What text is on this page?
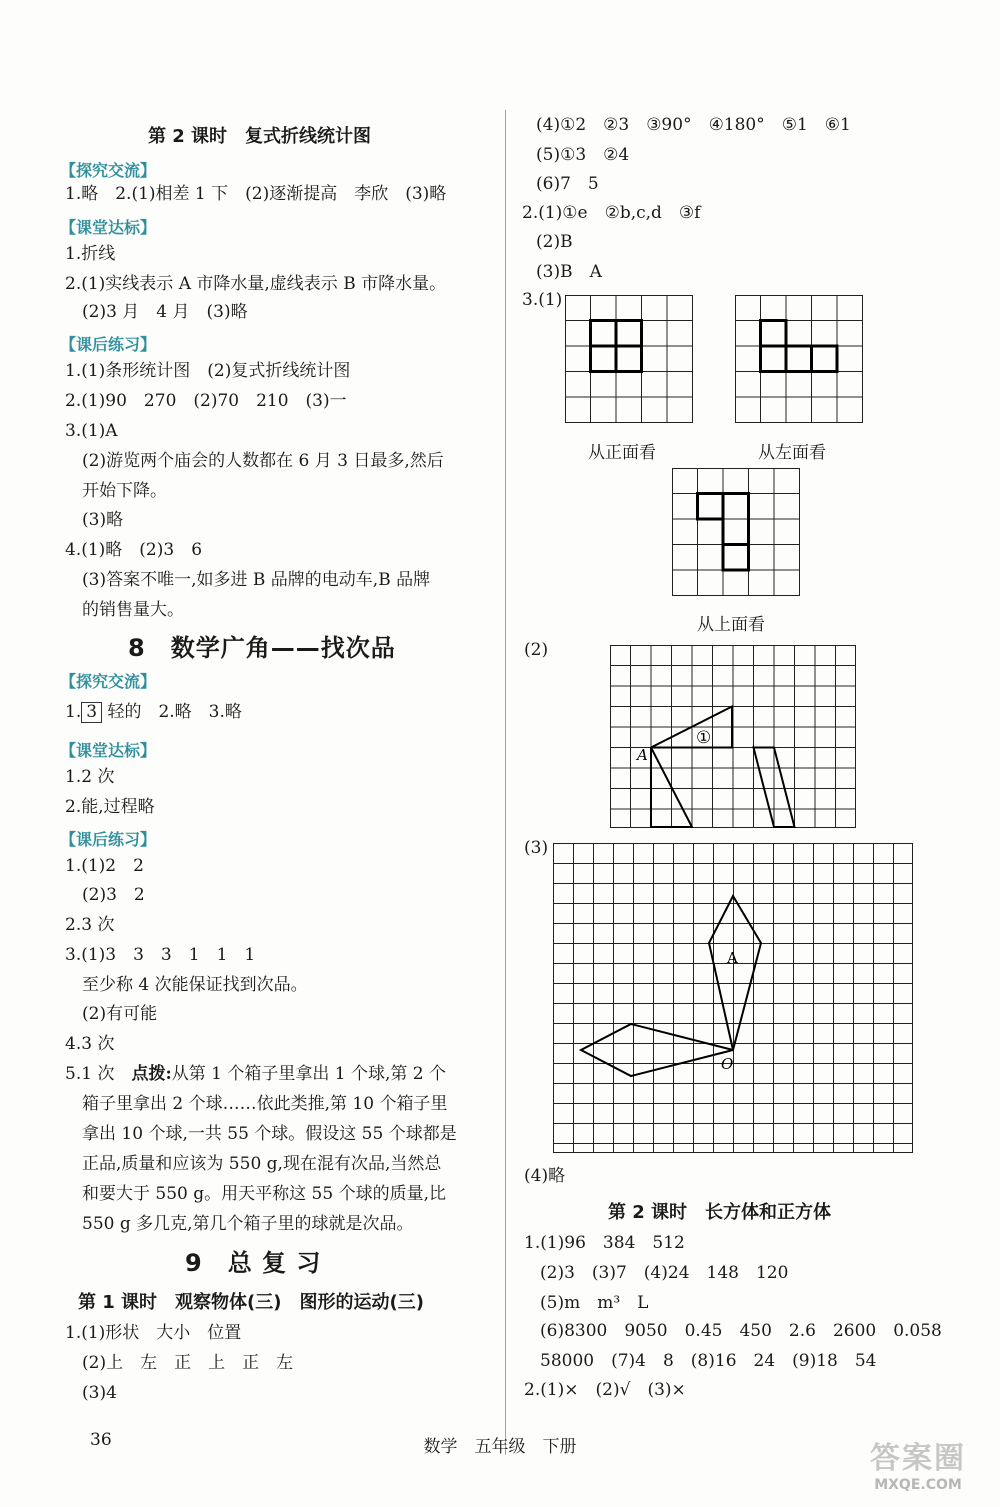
第 2 课时　复式折线统计图
【探究交流】
1.略　2.(1)相差 1 下　(2)逐渐提高　李欣　(3)略
【课堂达标】
1.折线
2.(1)实线表示 A 市降水量,虚线表示 B 市降水量。
(2)3 月　4 月　(3)略
【课后练习】
1.(1)条形统计图　(2)复式折线统计图
2.(1)90　270　(2)70　210　(3)一
3.(1)A
(2)游览两个庙会的人数都在 6 月 3 日最多,然后
开始下降。
(3)略
4.(1)略　(2)3　6
(3)答案不唯一,如多进 B 品牌的电动车,B 品牌
的销售量大。
8　数学广角——找次品
【探究交流】
1. 3 轻的　2.略　3.略
【课堂达标】
1.2 次
2.能,过程略
【课后练习】
1.(1)2　2
(2)3　2
2.3 次
3.(1)3　3　3　1　1　1
至少称 4 次能保证找到次品。
(2)有可能
4.3 次
5.1 次　点拨:从第 1 个箱子里拿出 1 个球,第 2 个
箱子里拿出 2 个球……依此类推,第 10 个箱子里
拿出 10 个球,一共 55 个球。假设这 55 个球都是
正品,质量和应该为 550 g,现在混有次品,当然总
和要大于 550 g。用天平称这 55 个球的质量,比
550 g 多几克,第几个箱子里的球就是次品。
9　总 复 习
第 1 课时　观察物体(三)　图形的运动(三)
1.(1)形状　大小　位置
(2)上　左　正　上　正　左
(3)4
(4)①2　②3　③90°　④180°　⑤1　⑥1
(5)①3　②4
(6)7　5
2.(1)①e　②b,c,d　③f
(2)B
(3)B　A
3.(1)
从正面看	从左面看
从上面看
(2)
①
A
(3)
A
O
(4)略
第 2 课时　长方体和正方体
1.(1)96　384　512
(2)3　(3)7　(4)24　148　120
(5)m　m³　L
(6)8300　9050　0.45　450　2.6　2600　0.058
58000　(7)4　8　(8)16　24　(9)18　54
2.(1)×　(2)√　(3)×
36	数学　五年级　下册	答案圈
MXQE.COM
